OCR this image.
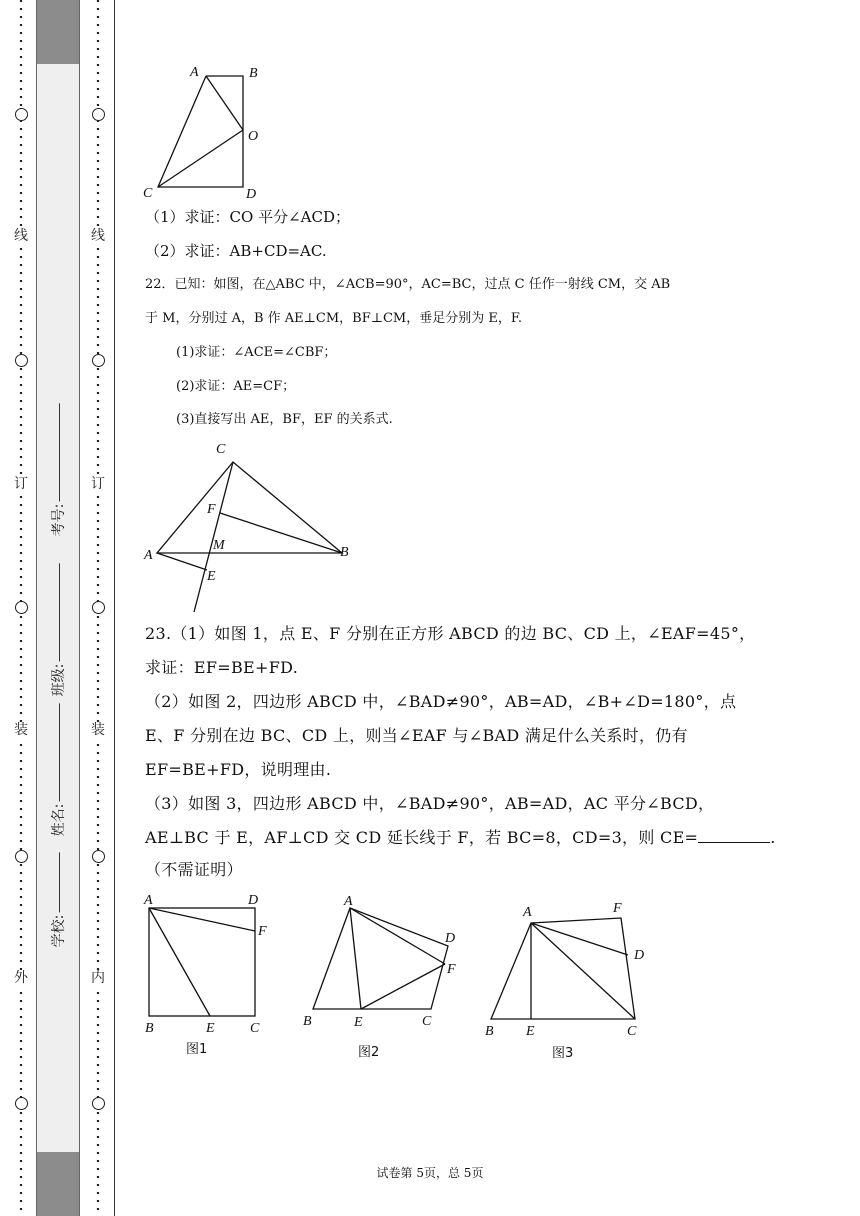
线
订
装
外
考号:
班级:
姓名:
学校:
线
订
装
内
A	B
O
C	D
（1）求证：CO 平分∠ACD；
（2）求证：AB+CD=AC.
22．已知：如图，在△ABC 中，∠ACB=90°，AC=BC，过点 C 任作一射线 CM，交 AB
于 M，分别过 A，B 作 AE⊥CM，BF⊥CM，垂足分别为 E，F.
(1)求证：∠ACE=∠CBF；
(2)求证：AE=CF；
(3)直接写出 AE，BF，EF 的关系式.
C
F
A
M	B
E
23.（1）如图 1，点 E、F 分别在正方形 ABCD 的边 BC、CD 上，∠EAF=45°，
求证：EF=BE+FD.
（2）如图 2，四边形 ABCD 中，∠BAD≠90°，AB=AD，∠B+∠D=180°，点
E、F 分别在边 BC、CD 上，则当∠EAF 与∠BAD 满足什么关系时，仍有
EF=BE+FD，说明理由.
（3）如图 3，四边形 ABCD 中，∠BAD≠90°，AB=AD，AC 平分∠BCD，
AE⊥BC 于 E，AF⊥CD 交 CD 延长线于 F，若 BC=8，CD=3，则 CE=	.
（不需证明）
A	D
F
B	E	C
图1
A
D
F
B	E	C
图2
A	F
D
B E	C
图3
试卷第 5页，总 5页
